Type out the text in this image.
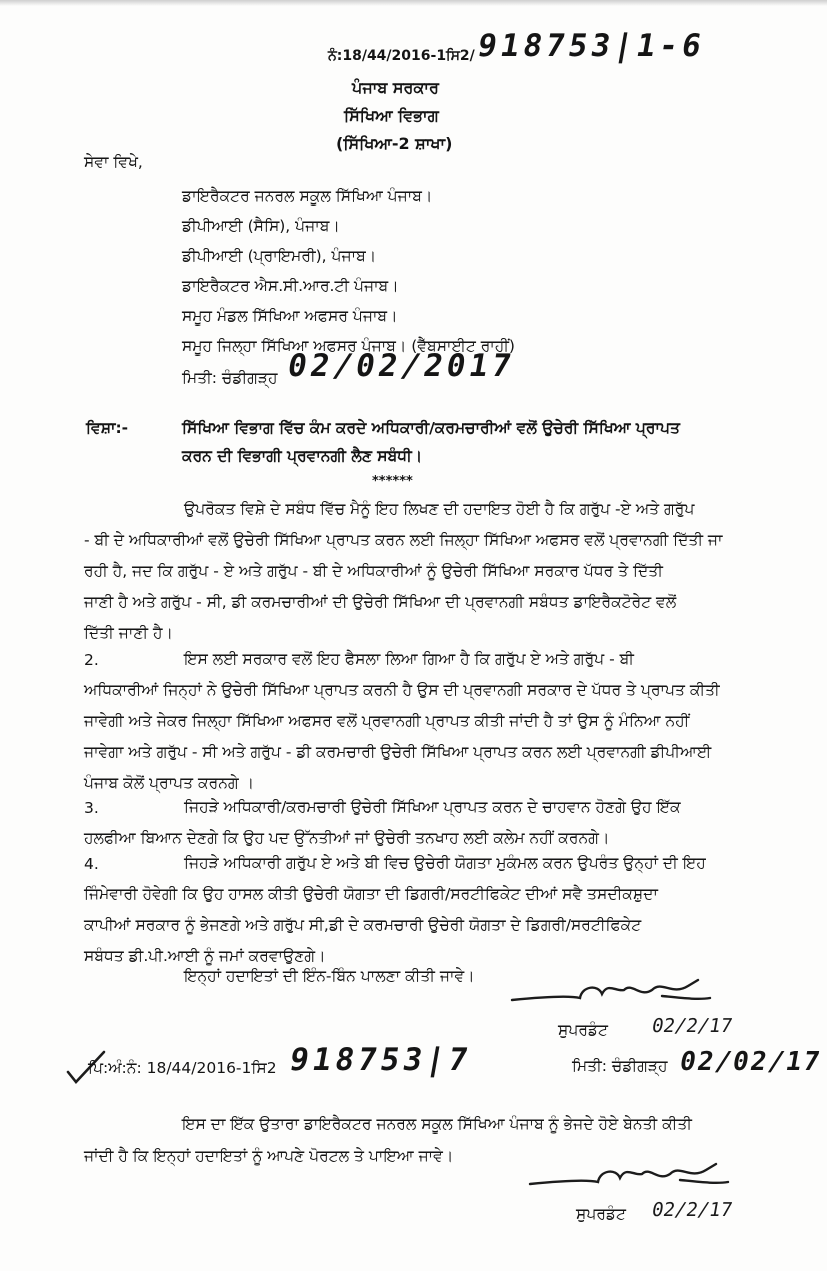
ਨੰ:18/44/2016-1ਸਿ2/ 918753|1-6
ਪੰਜਾਬ ਸਰਕਾਰ
ਸਿੱਖਿਆ ਵਿਭਾਗ
(ਸਿੱਖਿਆ-2 ਸ਼ਾਖਾ)
ਸੇਵਾ ਵਿਖੇ,
ਡਾਇਰੈਕਟਰ ਜਨਰਲ ਸਕੂਲ ਸਿੱਖਿਆ ਪੰਜਾਬ।
ਡੀਪੀਆਈ (ਸੈਸਿ), ਪੰਜਾਬ।
ਡੀਪੀਆਈ (ਪ੍ਰਾਇਮਰੀ), ਪੰਜਾਬ।
ਡਾਇਰੈਕਟਰ ਐਸ.ਸੀ.ਆਰ.ਟੀ ਪੰਜਾਬ।
ਸਮੂਹ ਮੰਡਲ ਸਿੱਖਿਆ ਅਫਸਰ ਪੰਜਾਬ।
ਸਮੂਹ ਜਿਲ੍ਹਾ ਸਿੱਖਿਆ ਅਫਸਰ ਪੰਜਾਬ। (ਵੈੱਬਸਾਈਟ ਰਾਹੀਂ)
ਮਿਤੀ: ਚੰਡੀਗੜ੍ਹ 02/02/2017
ਵਿਸ਼ਾ:-	ਸਿੱਖਿਆ ਵਿਭਾਗ ਵਿੱਚ ਕੰਮ ਕਰਦੇ ਅਧਿਕਾਰੀ/ਕਰਮਚਾਰੀਆਂ ਵਲੋਂ ਉਚੇਰੀ ਸਿੱਖਿਆ ਪ੍ਰਾਪਤ
ਕਰਨ ਦੀ ਵਿਭਾਗੀ ਪ੍ਰਵਾਨਗੀ ਲੈਣ ਸਬੰਧੀ।
******
ਉਪਰੋਕਤ ਵਿਸ਼ੇ ਦੇ ਸਬੰਧ ਵਿੱਚ ਮੈਨੂੰ ਇਹ ਲਿਖਣ ਦੀ ਹਦਾਇਤ ਹੋਈ ਹੈ ਕਿ ਗਰੁੱਪ -ਏ ਅਤੇ ਗਰੁੱਪ
- ਬੀ ਦੇ ਅਧਿਕਾਰੀਆਂ ਵਲੋਂ ਉਚੇਰੀ ਸਿੱਖਿਆ ਪ੍ਰਾਪਤ ਕਰਨ ਲਈ ਜਿਲ੍ਹਾ ਸਿੱਖਿਆ ਅਫਸਰ ਵਲੋਂ ਪ੍ਰਵਾਨਗੀ ਦਿੱਤੀ ਜਾ
ਰਹੀ ਹੈ, ਜਦ ਕਿ ਗਰੁੱਪ - ਏ ਅਤੇ ਗਰੁੱਪ - ਬੀ ਦੇ ਅਧਿਕਾਰੀਆਂ ਨੂੰ ਉਚੇਰੀ ਸਿੱਖਿਆ ਸਰਕਾਰ ਪੱਧਰ ਤੇ ਦਿੱਤੀ
ਜਾਣੀ ਹੈ ਅਤੇ ਗਰੁੱਪ - ਸੀ, ਡੀ ਕਰਮਚਾਰੀਆਂ ਦੀ ਉਚੇਰੀ ਸਿੱਖਿਆ ਦੀ ਪ੍ਰਵਾਨਗੀ ਸਬੰਧਤ ਡਾਇਰੈਕਟੋਰੇਟ ਵਲੋਂ
ਦਿੱਤੀ ਜਾਣੀ ਹੈ।
2.	ਇਸ ਲਈ ਸਰਕਾਰ ਵਲੋਂ ਇਹ ਫੈਸਲਾ ਲਿਆ ਗਿਆ ਹੈ ਕਿ ਗਰੁੱਪ ਏ ਅਤੇ ਗਰੁੱਪ - ਬੀ
ਅਧਿਕਾਰੀਆਂ ਜਿਨ੍ਹਾਂ ਨੇ ਉਚੇਰੀ ਸਿੱਖਿਆ ਪ੍ਰਾਪਤ ਕਰਨੀ ਹੈ ਉਸ ਦੀ ਪ੍ਰਵਾਨਗੀ ਸਰਕਾਰ ਦੇ ਪੱਧਰ ਤੇ ਪ੍ਰਾਪਤ ਕੀਤੀ
ਜਾਵੇਗੀ ਅਤੇ ਜੇਕਰ ਜਿਲ੍ਹਾ ਸਿੱਖਿਆ ਅਫਸਰ ਵਲੋਂ ਪ੍ਰਵਾਨਗੀ ਪ੍ਰਾਪਤ ਕੀਤੀ ਜਾਂਦੀ ਹੈ ਤਾਂ ਉਸ ਨੂੰ ਮੰਨਿਆ ਨਹੀਂ
ਜਾਵੇਗਾ ਅਤੇ ਗਰੁੱਪ - ਸੀ ਅਤੇ ਗਰੁੱਪ - ਡੀ ਕਰਮਚਾਰੀ ਉਚੇਰੀ ਸਿੱਖਿਆ ਪ੍ਰਾਪਤ ਕਰਨ ਲਈ ਪ੍ਰਵਾਨਗੀ ਡੀਪੀਆਈ
ਪੰਜਾਬ ਕੋਲੋਂ ਪ੍ਰਾਪਤ ਕਰਨਗੇ ।
3.	ਜਿਹੜੇ ਅਧਿਕਾਰੀ/ਕਰਮਚਾਰੀ ਉਚੇਰੀ ਸਿੱਖਿਆ ਪ੍ਰਾਪਤ ਕਰਨ ਦੇ ਚਾਹਵਾਨ ਹੋਣਗੇ ਉਹ ਇੱਕ
ਹਲਫੀਆ ਬਿਆਨ ਦੇਣਗੇ ਕਿ ਉਹ ਪਦ ਉੱਨਤੀਆਂ ਜਾਂ ਉਚੇਰੀ ਤਨਖਾਹ ਲਈ ਕਲੇਮ ਨਹੀਂ ਕਰਨਗੇ।
4.	ਜਿਹੜੇ ਅਧਿਕਾਰੀ ਗਰੁੱਪ ਏ ਅਤੇ ਬੀ ਵਿਚ ਉਚੇਰੀ ਯੋਗਤਾ ਮੁਕੰਮਲ ਕਰਨ ਉਪਰੰਤ ਉਨ੍ਹਾਂ ਦੀ ਇਹ
ਜਿੰਮੇਵਾਰੀ ਹੋਵੇਗੀ ਕਿ ਉਹ ਹਾਸਲ ਕੀਤੀ ਉਚੇਰੀ ਯੋਗਤਾ ਦੀ ਡਿਗਰੀ/ਸਰਟੀਫਿਕੇਟ ਦੀਆਂ ਸਵੈ ਤਸਦੀਕਸ਼ੁਦਾ
ਕਾਪੀਆਂ ਸਰਕਾਰ ਨੂੰ ਭੇਜਣਗੇ ਅਤੇ ਗਰੁੱਪ ਸੀ,ਡੀ ਦੇ ਕਰਮਚਾਰੀ ਉਚੇਰੀ ਯੋਗਤਾ ਦੇ ਡਿਗਰੀ/ਸਰਟੀਫਿਕੇਟ
ਸਬੰਧਤ ਡੀ.ਪੀ.ਆਈ ਨੂੰ ਜਮਾਂ ਕਰਵਾਉਣਗੇ।
ਇਨ੍ਹਾਂ ਹਦਾਇਤਾਂ ਦੀ ਇੰਨ-ਬਿੰਨ ਪਾਲਣਾ ਕੀਤੀ ਜਾਵੇ।
ਸੁਪਰਡੰਟ 02/2/17
ਪਿ:ਅੰ:ਨੰ: 18/44/2016-1ਸਿ2 918753|7	ਮਿਤੀ: ਚੰਡੀਗੜ੍ਹ 02/02/17
ਇਸ ਦਾ ਇੱਕ ਉਤਾਰਾ ਡਾਇਰੈਕਟਰ ਜਨਰਲ ਸਕੂਲ ਸਿੱਖਿਆ ਪੰਜਾਬ ਨੂੰ ਭੇਜਦੇ ਹੋਏ ਬੇਨਤੀ ਕੀਤੀ
ਜਾਂਦੀ ਹੈ ਕਿ ਇਨ੍ਹਾਂ ਹਦਾਇਤਾਂ ਨੂੰ ਆਪਣੇ ਪੋਰਟਲ ਤੇ ਪਾਇਆ ਜਾਵੇ।
ਸੁਪਰਡੰਟ 02/2/17
